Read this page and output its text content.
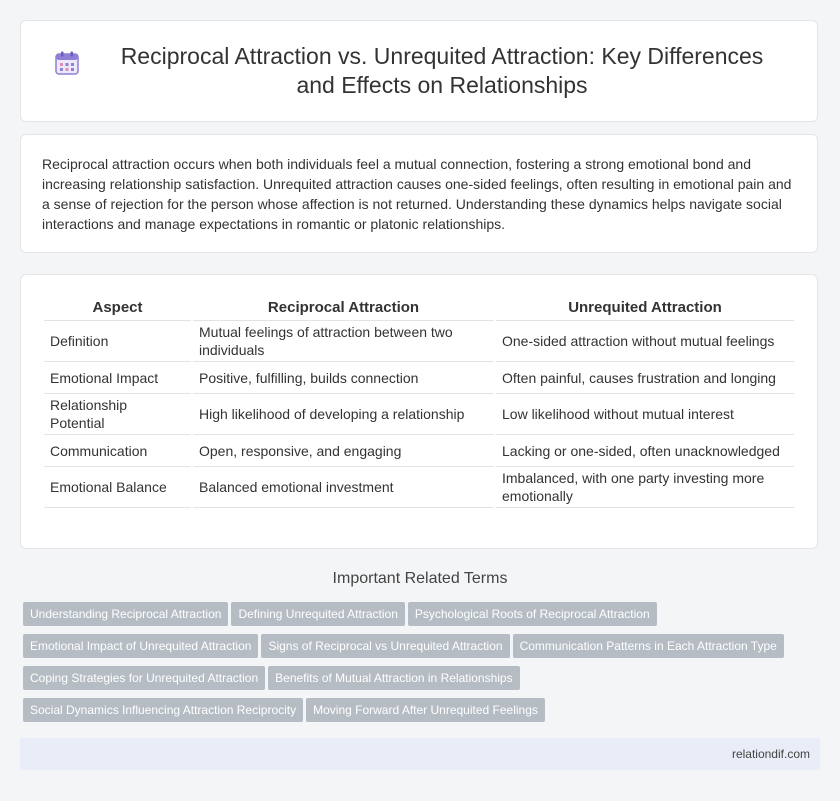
Reciprocal Attraction vs. Unrequited Attraction: Key Differences and Effects on Relationships

Reciprocal attraction occurs when both individuals feel a mutual connection, fostering a strong emotional bond and increasing relationship satisfaction. Unrequited attraction causes one-sided feelings, often resulting in emotional pain and a sense of rejection for the person whose affection is not returned. Understanding these dynamics helps navigate social interactions and manage expectations in romantic or platonic relationships.

Aspect	Reciprocal Attraction	Unrequited Attraction
Definition	Mutual feelings of attraction between two individuals	One-sided attraction without mutual feelings
Emotional Impact	Positive, fulfilling, builds connection	Often painful, causes frustration and longing
Relationship Potential	High likelihood of developing a relationship	Low likelihood without mutual interest
Communication	Open, responsive, and engaging	Lacking or one-sided, often unacknowledged
Emotional Balance	Balanced emotional investment	Imbalanced, with one party investing more emotionally
Important Related Terms
Understanding Reciprocal Attraction Defining Unrequited Attraction Psychological Roots of Reciprocal Attraction
Emotional Impact of Unrequited Attraction Signs of Reciprocal vs Unrequited Attraction Communication Patterns in Each Attraction Type
Coping Strategies for Unrequited Attraction Benefits of Mutual Attraction in Relationships
Social Dynamics Influencing Attraction Reciprocity Moving Forward After Unrequited Feelings
relationdif.com
